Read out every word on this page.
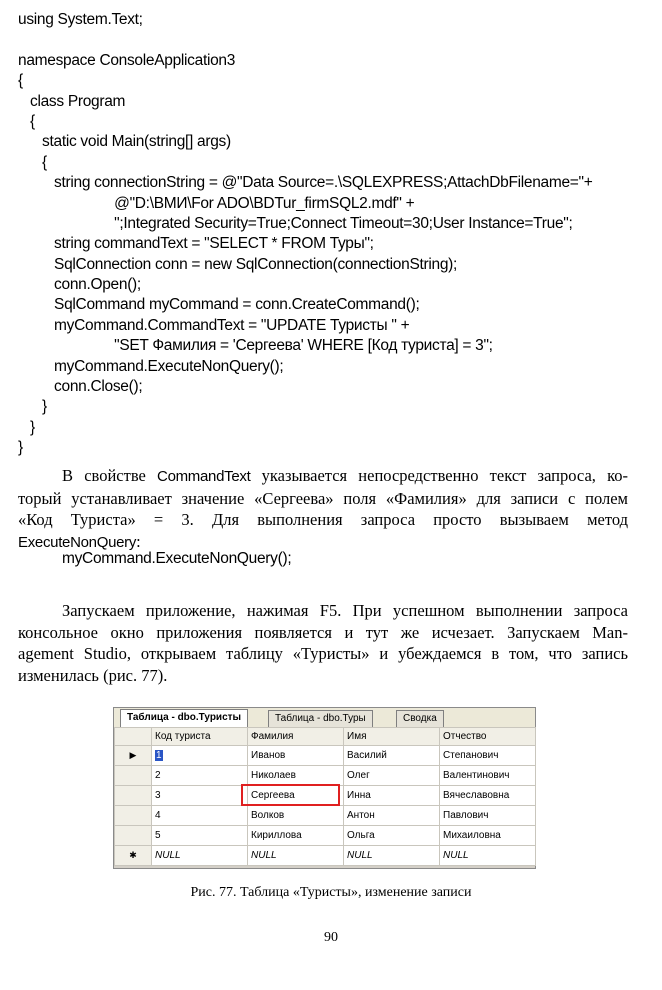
using System.Text;
namespace ConsoleApplication3
{
class Program
{
static void Main(string[] args)
{
string connectionString = @"Data Source=.\SQLEXPRESS;AttachDbFilename="+
@"D:\ВМИ\For ADO\BDTur_firmSQL2.mdf" +
";Integrated Security=True;Connect Timeout=30;User Instance=True";
string commandText = "SELECT * FROM Туры";
SqlConnection conn = new SqlConnection(connectionString);
conn.Open();
SqlCommand myCommand = conn.CreateCommand();
myCommand.CommandText = "UPDATE Туристы " +
"SET Фамилия = 'Сергеева' WHERE [Код туриста] = 3";
myCommand.ExecuteNonQuery();
conn.Close();
}
}
}
В свойстве CommandText указывается непосредственно текст запроса, ко-
торый устанавливает значение «Сергеева» поля «Фамилия» для записи с полем
«Код Туриста» = 3. Для выполнения запроса просто вызываем метод
ExecuteNonQuery:
myCommand.ExecuteNonQuery();
Запускаем приложение, нажимая F5. При успешном выполнении запроса
консольное окно приложения появляется и тут же исчезает. Запускаем Man-
agement Studio, открываем таблицу «Туристы» и убеждаемся в том, что запись
изменилась (рис. 77).
Таблица - dbo.Туристы	Таблица - dbo.Туры	Сводка
	Код туриста	Фамилия	Имя	Отчество
▶	1	Иванов	Василий	Степанович
	2	Николаев	Олег	Валентинович
	3	Сергеева	Инна	Вячеславовна
	4	Волков	Антон	Павлович
	5	Кириллова	Ольга	Михаиловна
✱	NULL	NULL	NULL	NULL
Рис. 77. Таблица «Туристы», изменение записи
90
